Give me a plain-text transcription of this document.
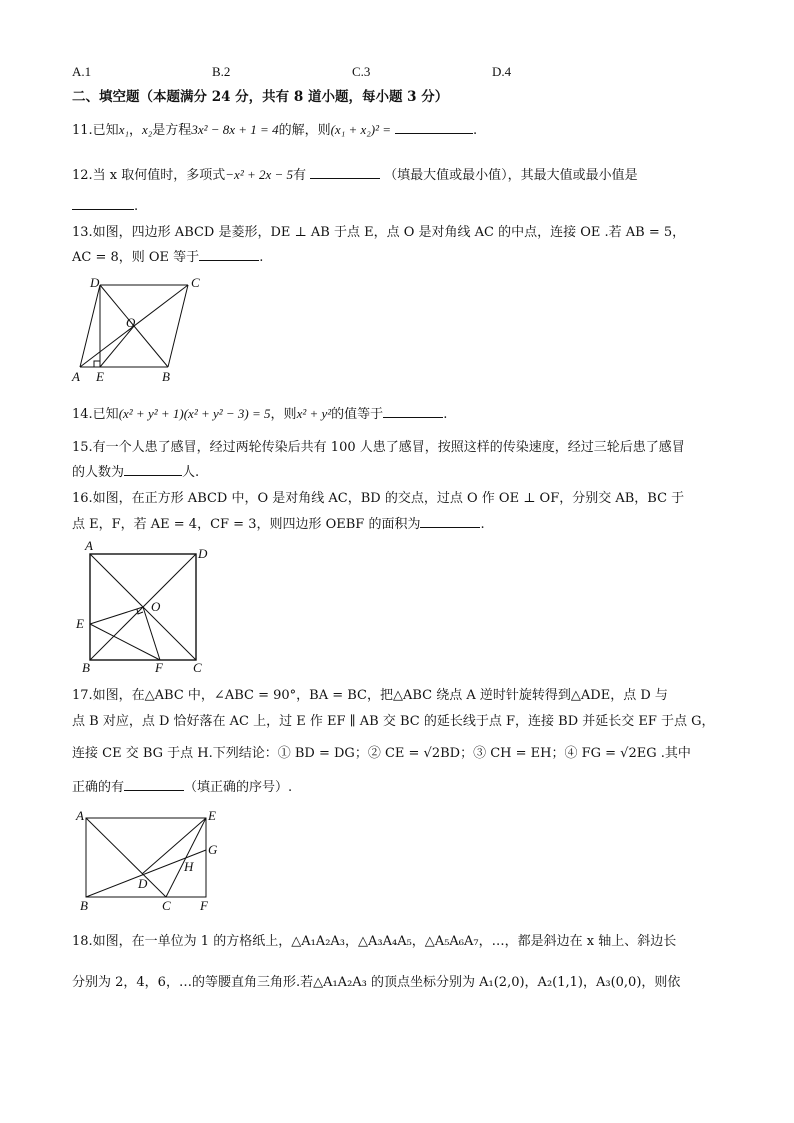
A.1	B.2	C.3	D.4
二、填空题（本题满分 24 分，共有 8 道小题，每小题 3 分）
11.已知x₁，x₂是方程3x² − 8x + 1 = 4的解，则(x₁ + x₂)² =	.
12.当 x 取何值时，多项式−x² + 2x − 5有	（填最大值或最小值），其最大值或最小值是
.
13.如图，四边形 ABCD 是菱形，DE ⊥ AB 于点 E，点 O 是对角线 AC 的中点，连接 OE .若 AB = 5，
AC = 8，则 OE 等于	.
D	C
O
A E	B
14.已知(x² + y² + 1)(x² + y² − 3) = 5，则x² + y²的值等于	.
15.有一个人患了感冒，经过两轮传染后共有 100 人患了感冒，按照这样的传染速度，经过三轮后患了感冒
的人数为	人.
16.如图，在正方形 ABCD 中，O 是对角线 AC，BD 的交点，过点 O 作 OE ⊥ OF，分别交 AB，BC 于
点 E，F，若 AE = 4，CF = 3，则四边形 OEBF 的面积为	.
A
D
O
E
B	F C
17.如图，在△ABC 中，∠ABC = 90°，BA = BC，把△ABC 绕点 A 逆时针旋转得到△ADE，点 D 与
点 B 对应，点 D 恰好落在 AC 上，过 E 作 EF ∥ AB 交 BC 的延长线于点 F，连接 BD 并延长交 EF 于点 G，
连接 CE 交 BG 于点 H.下列结论：① BD = DG；② CE = √2BD；③ CH = EH；④ FG = √2EG .其中
正确的有	（填正确的序号）.
A	E
G
H
D
B	C F
18.如图，在一单位为 1 的方格纸上，△A₁A₂A₃，△A₃A₄A₅，△A₅A₆A₇，…，都是斜边在 x 轴上、斜边长
分别为 2，4，6，…的等腰直角三角形.若△A₁A₂A₃ 的顶点坐标分别为 A₁(2,0)，A₂(1,1)，A₃(0,0)，则依
